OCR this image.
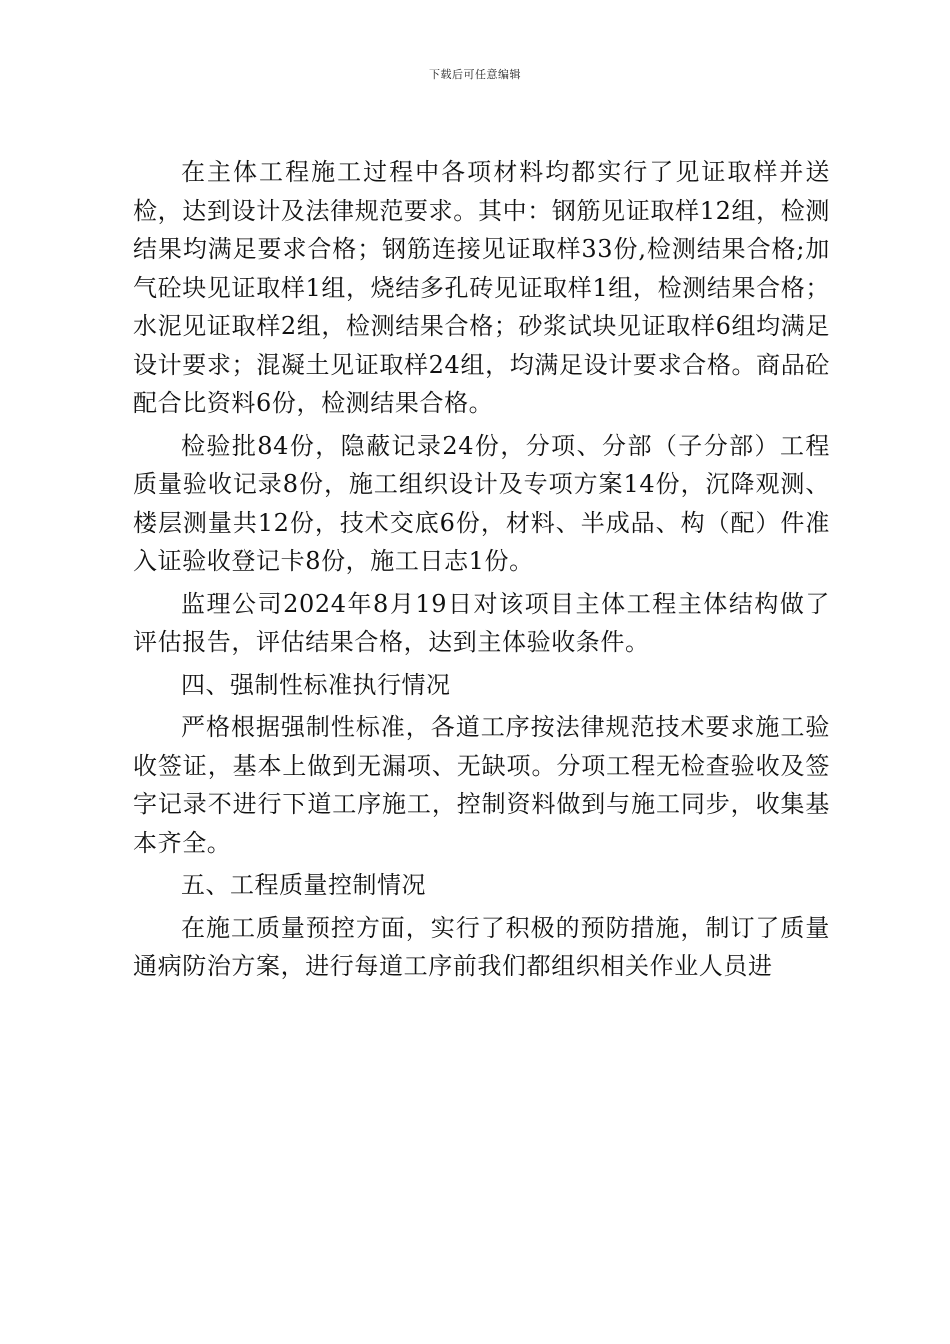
下载后可任意编辑

在主体工程施工过程中各项材料均都实行了见证取样并送检，达到设计及法律规范要求。其中：钢筋见证取样12组，检测结果均满足要求合格；钢筋连接见证取样33份,检测结果合格;加气砼块见证取样1组，烧结多孔砖见证取样1组，检测结果合格；水泥见证取样2组，检测结果合格；砂浆试块见证取样6组均满足设计要求；混凝土见证取样24组，均满足设计要求合格。商品砼配合比资料6份，检测结果合格。

检验批84份，隐蔽记录24份，分项、分部（子分部）工程质量验收记录8份，施工组织设计及专项方案14份，沉降观测、楼层测量共12份，技术交底6份，材料、半成品、构（配）件准入证验收登记卡8份，施工日志1份。

监理公司2024年8月19日对该项目主体工程主体结构做了评估报告，评估结果合格，达到主体验收条件。

四、强制性标准执行情况

严格根据强制性标准，各道工序按法律规范技术要求施工验收签证，基本上做到无漏项、无缺项。分项工程无检查验收及签字记录不进行下道工序施工，控制资料做到与施工同步，收集基本齐全。

五、工程质量控制情况

在施工质量预控方面，实行了积极的预防措施，制订了质量通病防治方案，进行每道工序前我们都组织相关作业人员进
